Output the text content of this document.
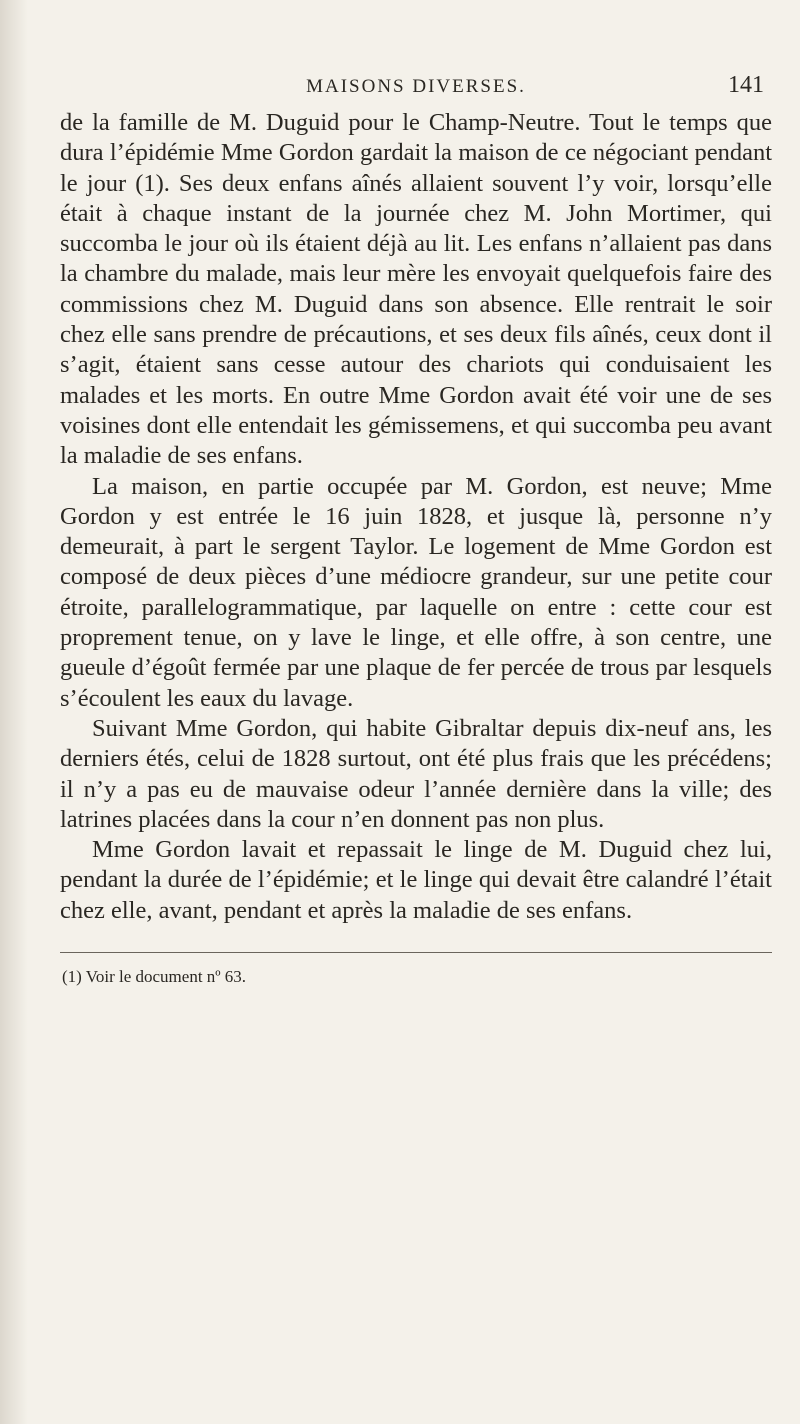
MAISONS DIVERSES.	141

de la famille de M. Duguid pour le Champ-Neutre. Tout le temps que dura l’épidémie Mme Gordon gardait la maison de ce négociant pendant le jour (1). Ses deux enfans aînés allaient souvent l’y voir, lorsqu’elle était à chaque instant de la journée chez M. John Mortimer, qui succomba le jour où ils étaient déjà au lit. Les enfans n’allaient pas dans la chambre du malade, mais leur mère les envoyait quelquefois faire des commissions chez M. Duguid dans son absence. Elle rentrait le soir chez elle sans prendre de précautions, et ses deux fils aînés, ceux dont il s’agit, étaient sans cesse autour des chariots qui conduisaient les malades et les morts. En outre Mme Gordon avait été voir une de ses voisines dont elle entendait les gémissemens, et qui succomba peu avant la maladie de ses enfans.

La maison, en partie occupée par M. Gordon, est neuve; Mme Gordon y est entrée le 16 juin 1828, et jusque là, personne n’y demeurait, à part le sergent Taylor. Le logement de Mme Gordon est composé de deux pièces d’une médiocre grandeur, sur une petite cour étroite, parallelogrammatique, par laquelle on entre : cette cour est proprement tenue, on y lave le linge, et elle offre, à son centre, une gueule d’égoût fermée par une plaque de fer percée de trous par lesquels s’écoulent les eaux du lavage.

Suivant Mme Gordon, qui habite Gibraltar depuis dix-neuf ans, les derniers étés, celui de 1828 surtout, ont été plus frais que les précédens; il n’y a pas eu de mauvaise odeur l’année dernière dans la ville; des latrines placées dans la cour n’en donnent pas non plus.

Mme Gordon lavait et repassait le linge de M. Duguid chez lui, pendant la durée de l’épidémie; et le linge qui devait être calandré l’était chez elle, avant, pendant et après la maladie de ses enfans.

(1) Voir le document nº 63.
